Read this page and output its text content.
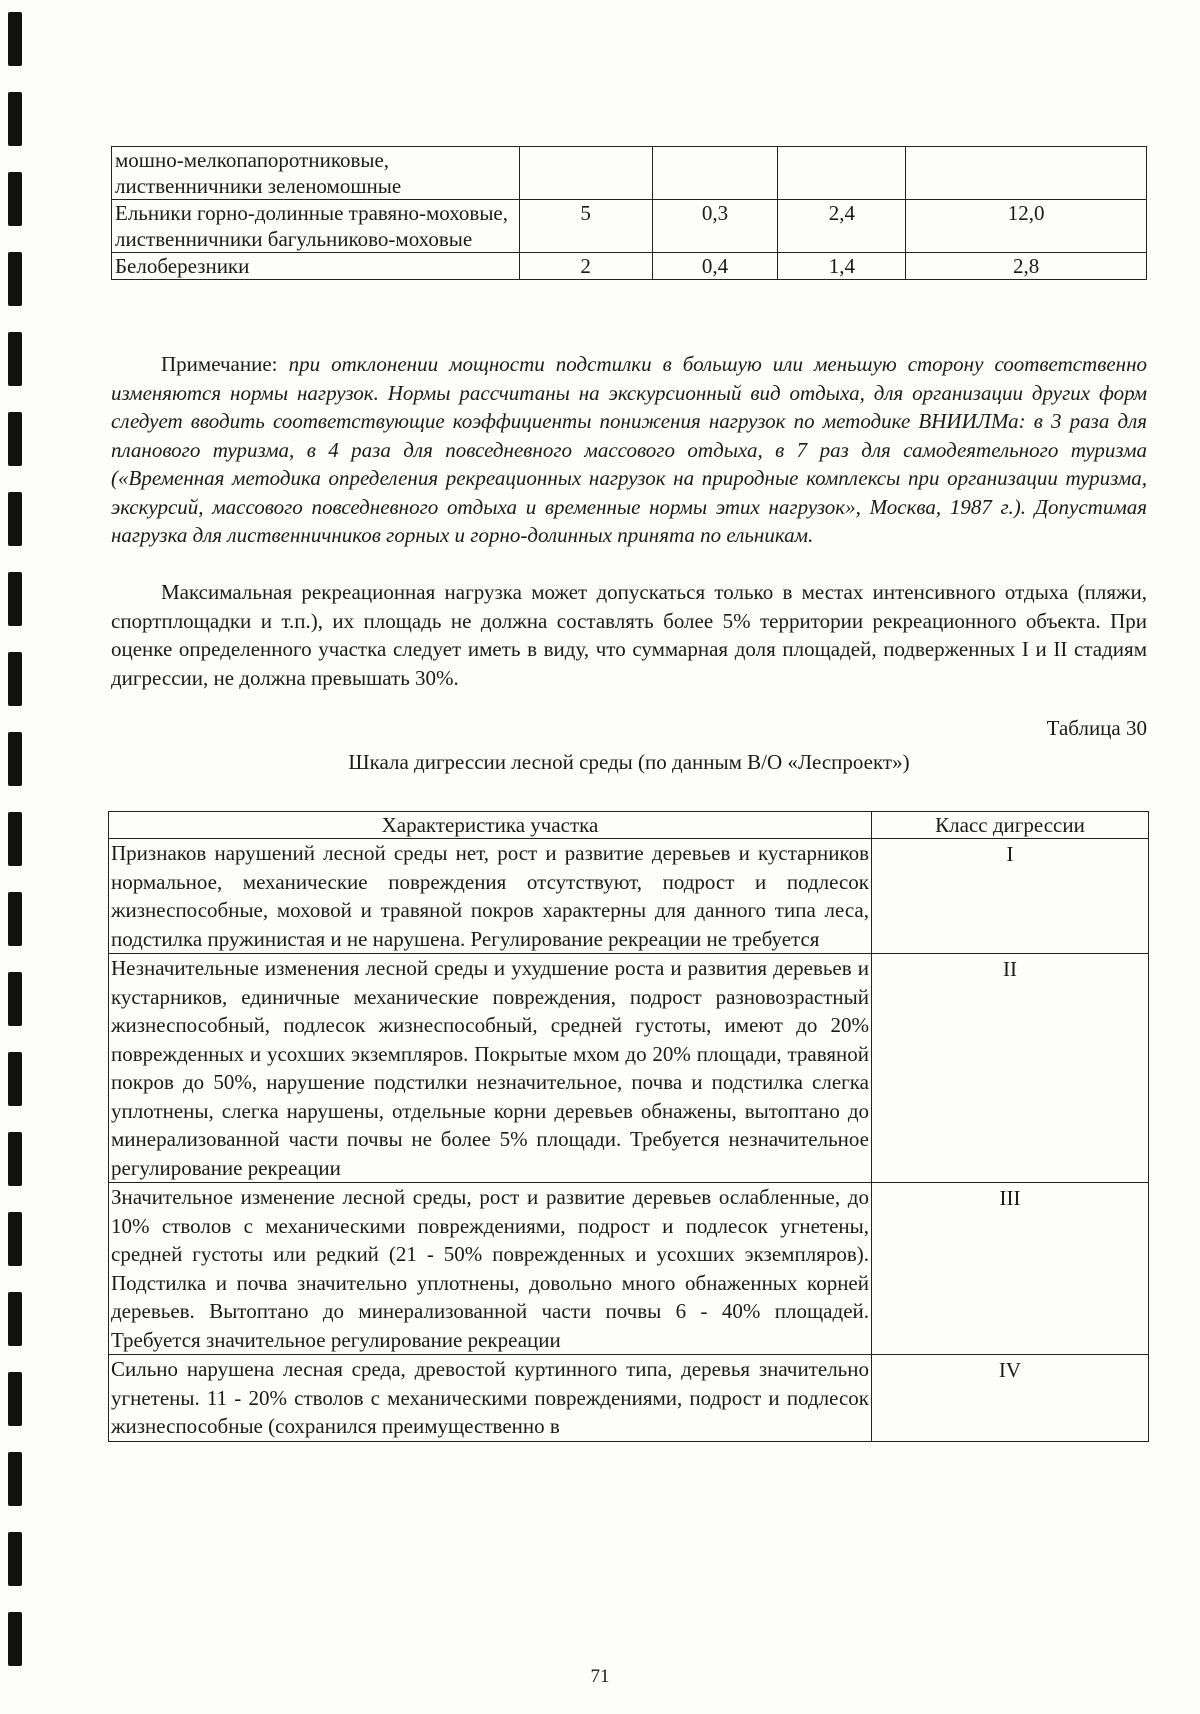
мошно-мелкопапоротниковые, лиственничники зеленомошные				
Ельники горно-долинные травяно-моховые, лиственничники багульниково-моховые	5	0,3	2,4	12,0
Белоберезники	2	0,4	1,4	2,8
Примечание: при отклонении мощности подстилки в большую или меньшую сторону соответственно изменяются нормы нагрузок. Нормы рассчитаны на экскурсионный вид отдыха, для организации других форм следует вводить соответствующие коэффициенты понижения нагрузок по методике ВНИИЛМа: в 3 раза для планового туризма, в 4 раза для повседневного массового отдыха, в 7 раз для самодеятельного туризма («Временная методика определения рекреационных нагрузок на природные комплексы при организации туризма, экскурсий, массового повседневного отдыха и временные нормы этих нагрузок», Москва, 1987 г.). Допустимая нагрузка для лиственничников горных и горно-долинных принята по ельникам.
Максимальная рекреационная нагрузка может допускаться только в местах интенсивного отдыха (пляжи, спортплощадки и т.п.), их площадь не должна составлять более 5% территории рекреационного объекта. При оценке определенного участка следует иметь в виду, что суммарная доля площадей, подверженных I и II стадиям дигрессии, не должна превышать 30%.
Таблица 30
Шкала дигрессии лесной среды (по данным В/О «Леспроект»)
Характеристика участка	Класс дигрессии
Признаков нарушений лесной среды нет, рост и развитие деревьев и кустарников нормальное, механические повреждения отсутствуют, подрост и подлесок жизнеспособные, моховой и травяной покров характерны для данного типа леса, подстилка пружинистая и не нарушена. Регулирование рекреации не требуется	I
Незначительные изменения лесной среды и ухудшение роста и развития деревьев и кустарников, единичные механические повреждения, подрост разновозрастный жизнеспособный, подлесок жизнеспособный, средней густоты, имеют до 20% поврежденных и усохших экземпляров. Покрытые мхом до 20% площади, травяной покров до 50%, нарушение подстилки незначительное, почва и подстилка слегка уплотнены, слегка нарушены, отдельные корни деревьев обнажены, вытоптано до минерализованной части почвы не более 5% площади. Требуется незначительное регулирование рекреации	II
Значительное изменение лесной среды, рост и развитие деревьев ослабленные, до 10% стволов с механическими повреждениями, подрост и подлесок угнетены, средней густоты или редкий (21 - 50% поврежденных и усохших экземпляров). Подстилка и почва значительно уплотнены, довольно много обнаженных корней деревьев. Вытоптано до минерализованной части почвы 6 - 40% площадей. Требуется значительное регулирование рекреации	III
Сильно нарушена лесная среда, древостой куртинного типа, деревья значительно угнетены. 11 - 20% стволов с механическими повреждениями, подрост и подлесок жизнеспособные (сохранился преимущественно в	IV
71
